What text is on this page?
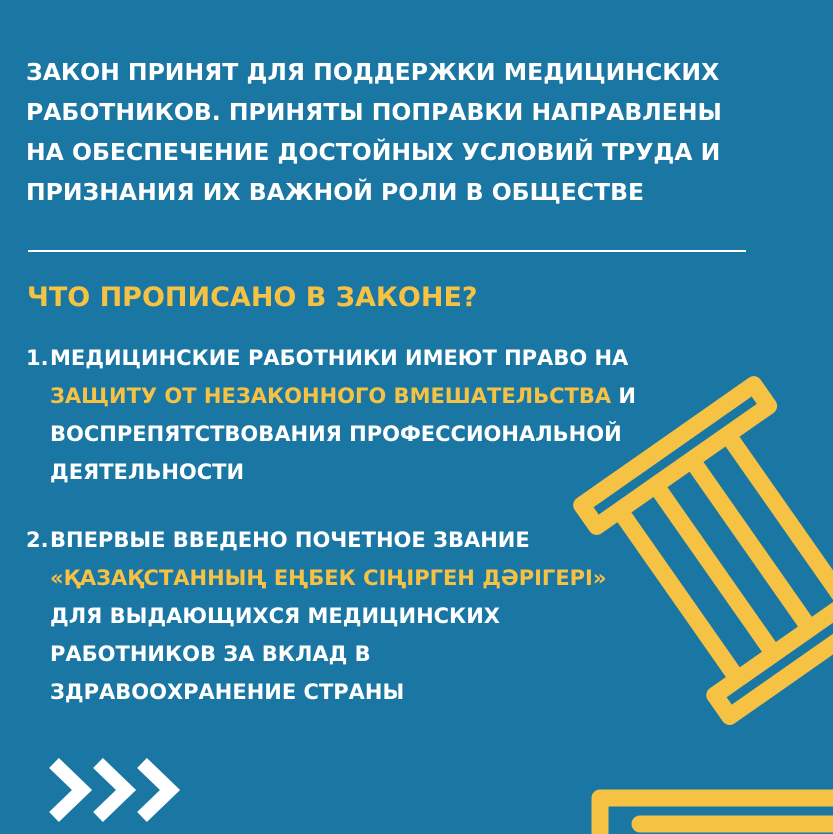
ЗАКОН ПРИНЯТ ДЛЯ ПОДДЕРЖКИ МЕДИЦИНСКИХ
РАБОТНИКОВ. ПРИНЯТЫ ПОПРАВКИ НАПРАВЛЕНЫ
НА ОБЕСПЕЧЕНИЕ ДОСТОЙНЫХ УСЛОВИЙ ТРУДА И
ПРИЗНАНИЯ ИХ ВАЖНОЙ РОЛИ В ОБЩЕСТВЕ

ЧТО ПРОПИСАНО В ЗАКОНЕ?
1. МЕДИЦИНСКИЕ РАБОТНИКИ ИМЕЮТ ПРАВО НА
ЗАЩИТУ ОТ НЕЗАКОННОГО ВМЕШАТЕЛЬСТВА И
ВОСПРЕПЯТСТВОВАНИЯ ПРОФЕССИОНАЛЬНОЙ
ДЕЯТЕЛЬНОСТИ
2. ВПЕРВЫЕ ВВЕДЕНО ПОЧЕТНОЕ ЗВАНИЕ
«ҚАЗАҚСТАННЫҢ ЕҢБЕК СІҢІРГЕН ДӘРІГЕРІ»
ДЛЯ ВЫДАЮЩИХСЯ МЕДИЦИНСКИХ
РАБОТНИКОВ ЗА ВКЛАД В
ЗДРАВООХРАНЕНИЕ СТРАНЫ
